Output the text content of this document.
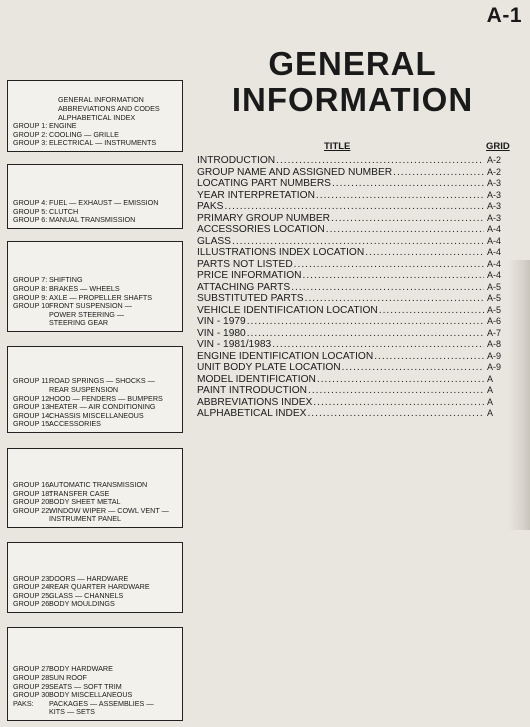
A-1
GENERAL
INFORMATION
GENERAL INFORMATION
ABBREVIATIONS AND CODES
ALPHABETICAL INDEX
GROUP 1: ENGINE
GROUP 2: COOLING — GRILLE
GROUP 3: ELECTRICAL — INSTRUMENTS
GROUP 4: FUEL — EXHAUST — EMISSION
GROUP 5: CLUTCH
GROUP 6: MANUAL TRANSMISSION
GROUP 7: SHIFTING
GROUP 8: BRAKES — WHEELS
GROUP 9: AXLE — PROPELLER SHAFTS
GROUP 10:
FRONT SUSPENSION —
POWER STEERING —
STEERING GEAR
GROUP 11:
ROAD SPRINGS — SHOCKS —
REAR SUSPENSION
GROUP 12:
HOOD — FENDERS — BUMPERS
GROUP 13:
HEATER — AIR CONDITIONING
GROUP 14:
CHASSIS MISCELLANEOUS
GROUP 15:
ACCESSORIES
GROUP 16:
AUTOMATIC TRANSMISSION
GROUP 18:
TRANSFER CASE
GROUP 20:
BODY SHEET METAL
GROUP 22:
WINDOW WIPER — COWL VENT —
INSTRUMENT PANEL
GROUP 23:
DOORS — HARDWARE
GROUP 24:
REAR QUARTER HARDWARE
GROUP 25:
GLASS — CHANNELS
GROUP 26:
BODY MOULDINGS
GROUP 27:
BODY HARDWARE
GROUP 28:
SUN ROOF
GROUP 29:
SEATS — SOFT TRIM
GROUP 30:
BODY MISCELLANEOUS
PAKS:	PACKAGES — ASSEMBLIES —
KITS — SETS
TITLE	GRID
INTRODUCTION .....	A-2
GROUP NAME AND ASSIGNED NUMBER .....	A-2
LOCATING PART NUMBERS .....	A-3
YEAR INTERPRETATION .....	A-3
PAKS .....	A-3
PRIMARY GROUP NUMBER .....	A-3
ACCESSORIES LOCATION .....	A-4
GLASS .....	A-4
ILLUSTRATIONS INDEX LOCATION .....	A-4
PARTS NOT LISTED .....	A-4
PRICE INFORMATION .....	A-4
ATTACHING PARTS .....	A-5
SUBSTITUTED PARTS .....	A-5
VEHICLE IDENTIFICATION LOCATION .....	A-5
VIN - 1979 .....	A-6
VIN - 1980 .....	A-7
VIN - 1981/1983 .....	A-8
ENGINE IDENTIFICATION LOCATION .....	A-9
UNIT BODY PLATE LOCATION .....	A-9
MODEL IDENTIFICATION .....	A
PAINT INTRODUCTION .....	A
ABBREVIATIONS INDEX .....	A
ALPHABETICAL INDEX .....	A
